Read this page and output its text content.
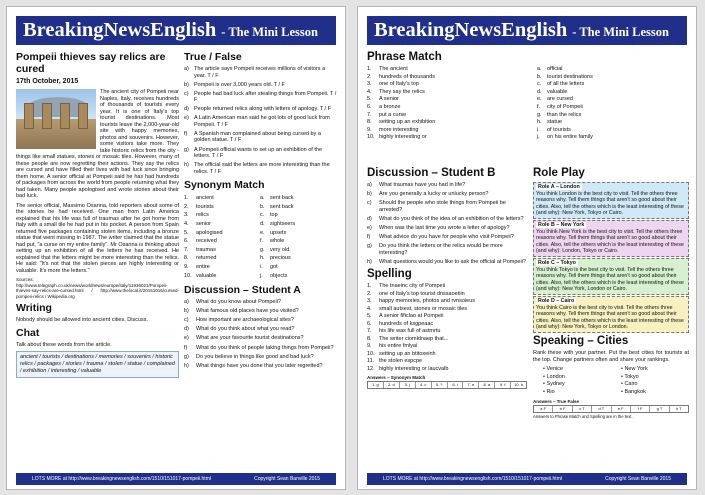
BreakingNewsEnglish - The Mini Lesson
Pompeii thieves say relics are cured
17th October, 2015

The ancient city of Pompeii near Naples, Italy, receives hundreds of thousands of tourists every year. It is one of Italy's top tourist destinations. Most tourists leave the 2,000-year-old site with happy memories, photos and souvenirs. However, some visitors take more. They take historic relics from the city - things like small statues, stones or mosaic tiles. However, many of these people are now regretting their actions. They say the relics are cursed and have filled their lives with bad luck since bringing them home. A senior official at Pompeii said he has had hundreds of packages from across the world from people returning what they had taken. Many people apologised and wrote stories about their bad luck.

The senior official, Massimo Osanna, told reporters about some of the stories he had received. One man from Latin America explained that his life was full of traumas after he got home from Italy with a small tile he had put in his pocket. A person from Spain returned five packages containing stolen items, including a bronze statue that went missing in 1987. The writer claimed that the statue had put, "a curse on my entire family". Mr Osanna is thinking about setting up an exhibition of all the letters he has received. He explained that the letters might be more interesting than the relics. He said: "It's not that the stolen pieces are highly interesting or valuable. It's more the letters."

Sources: http://www.telegraph.co.uk/news/worldnews/europe/italy/11936021/Pompeii-thieves-say-relics-are-cursed.html / http://www.thelocal.it/20151016/cursed-pompeii-relics / Wikipedia.org

Writing

Nobody should be allowed into ancient cities. Discuss.

Chat

Talk about these words from the article.

ancient / tourists / destinations / memories / souvenirs / historic relics / packages / stories / trauma / stolen / statue / complained / exhibition / interesting / valuable
True / False
a) The article says Pompeii receives millions of visitors a year. T / F
b) Pompeii is over 3,000 years old. T / F
c) People had bad luck after stealing things from Pompeii. T / F
d) People returned relics along with letters of apology. T / F
e) A Latin American man said he got lots of good luck from Pompeii. T / F
f)	A Spanish man complained about being cursed by a golden statue. T / F
g) A Pompeii official wants to set up an exhibition of the letters. T / F
h) The official said the letters are more interesting than the relics. T / F
Synonym Match
1.	ancient	a. sent back
2.	tourists	b. sent back
3.	relics	c.	top
4.	senior	d. sightseers
5.	apologised	e. upsets
6.	received	f.	whole
7.	traumas	g. very old
8.	returned	h. precious
9.	entire	i.	got
10. valuable	j.	objects
Discussion – Student A
a)	What do you know about Pompeii?
b)	What famous old places have you visited?
c)	How important are archaeological sites?
d)	What do you think about what you read?
e)	What are your favourite tourist destinations?
f)	What do you think of people taking things from Pompeii?
g)	Do you believe in things like good and bad luck?
h)	What things have you done that you later regretted?
LOTS MORE at http://www.breakingnewsenglish.com/1510/151017-pompeii.html	Copyright Sean Banville 2015
BreakingNewsEnglish - The Mini Lesson
Phrase Match
1.	The ancient	a. official
2.	hundreds of thousands	b. tourist destinations
3.	one of Italy's top	c.	of all the letters
4.	They say the relics	d. valuable
5.	A senior	e. are cursed
6.	a bronze	f.	city of Pompeii
7.	put a curse	g. than the relics
8.	setting up an exhibition	h. statue
9.	more interesting	i.	of tourists
10. highly interesting or	j.	on his entire family
Discussion – Student B
a)	What traumas have you had in life?
b)	Are you generally a lucky or unlucky person?
c)	Should the people who stole things from Pompeii be arrested?
d)	What do you think of the idea of an exhibition of the letters?
e)	When was the last time you wrote a letter of apology?
f)	What advice do you have for people who visit Pompeii?
g)	Do you think the letters or the relics would be more interesting?
h)	What questions would you like to ask the official at Pompeii?
Spelling
1.	The tnaeinc city of Pompeii
2.	one of Italy's top tourist dnssaoetiin
3.	happy memories, photos and rvnsoieus
4.	small autsest, stones or mosaic tiles
5.	A senior fificlao at Pompeii
6.	hundreds of ksgpeaac
7.	his life was full of astmrtu
8.	The writer ciomldnaep that...
9.	his entire fmlyai
10. setting up an btitoxeinh
11. the stolen espcpe
12. highly interesting or laucvalb
Answers – Synonym Match
1. g	2. d	3. j	4. c	5. ?	6. i	7. e	8. a	9. f	10. h
Role Play
Role A – London
You think London is the best city to visit. Tell the others three reasons why. Tell them things that aren't so good about their cities. Also, tell the others which is the least interesting of these (and why): New York, Tokyo or Cairo.
Role B – New York
You think New York is the best city to visit. Tell the others three reasons why. Tell them things that aren't so good about their cities. Also, tell the others which is the least interesting of these (and why): London, Tokyo or Cairo.
Role C – Tokyo
You think Tokyo is the best city to visit. Tell the others three reasons why. Tell them things that aren't so good about their cities. Also, tell the others which is the least interesting of these (and why): New York, London or Cairo.
Role D – Cairo
You think Cairo is the best city to visit. Tell the others three reasons why. Tell them things that aren't so good about their cities. Also, tell the others which is the least interesting of these (and why): New York, Tokyo or London.
Speaking – Cities

Rank these with your partner. Put the best cities for tourists at the top. Change partners often and share your rankings.

• Venice
• London
• Sydney
• Rio
• New York
• Tokyo
• Cairo
• Bangkok
Answers – True False
a F	b F	c T	d T	e F	f F	g T	h T
Answers to Phrase Match and Spelling are in the text.
LOTS MORE at http://www.breakingnewsenglish.com/1510/151017-pompeii.html	Copyright Sean Banville 2015
